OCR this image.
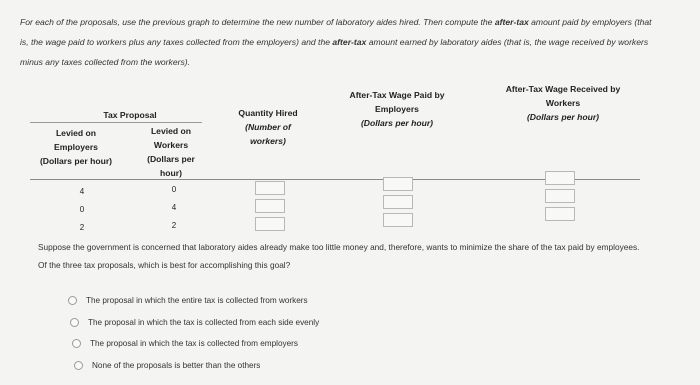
For each of the proposals, use the previous graph to determine the new number of laboratory aides hired. Then compute the after-tax amount paid by employers (that is, the wage paid to workers plus any taxes collected from the employers) and the after-tax amount earned by laboratory aides (that is, the wage received by workers minus any taxes collected from the workers).
Tax Proposal
Levied on
Employers
(Dollars per hour)
Levied on
Workers
(Dollars per
hour)
Quantity Hired
(Number of
workers)
After-Tax Wage Paid by
Employers
(Dollars per hour)
After-Tax Wage Received by
Workers
(Dollars per hour)
4
0
2
0
4
2
Suppose the government is concerned that laboratory aides already make too little money and, therefore, wants to minimize the share of the tax paid by employees. Of the three tax proposals, which is best for accomplishing this goal?
The proposal in which the entire tax is collected from workers
The proposal in which the tax is collected from each side evenly
The proposal in which the tax is collected from employers
None of the proposals is better than the others
